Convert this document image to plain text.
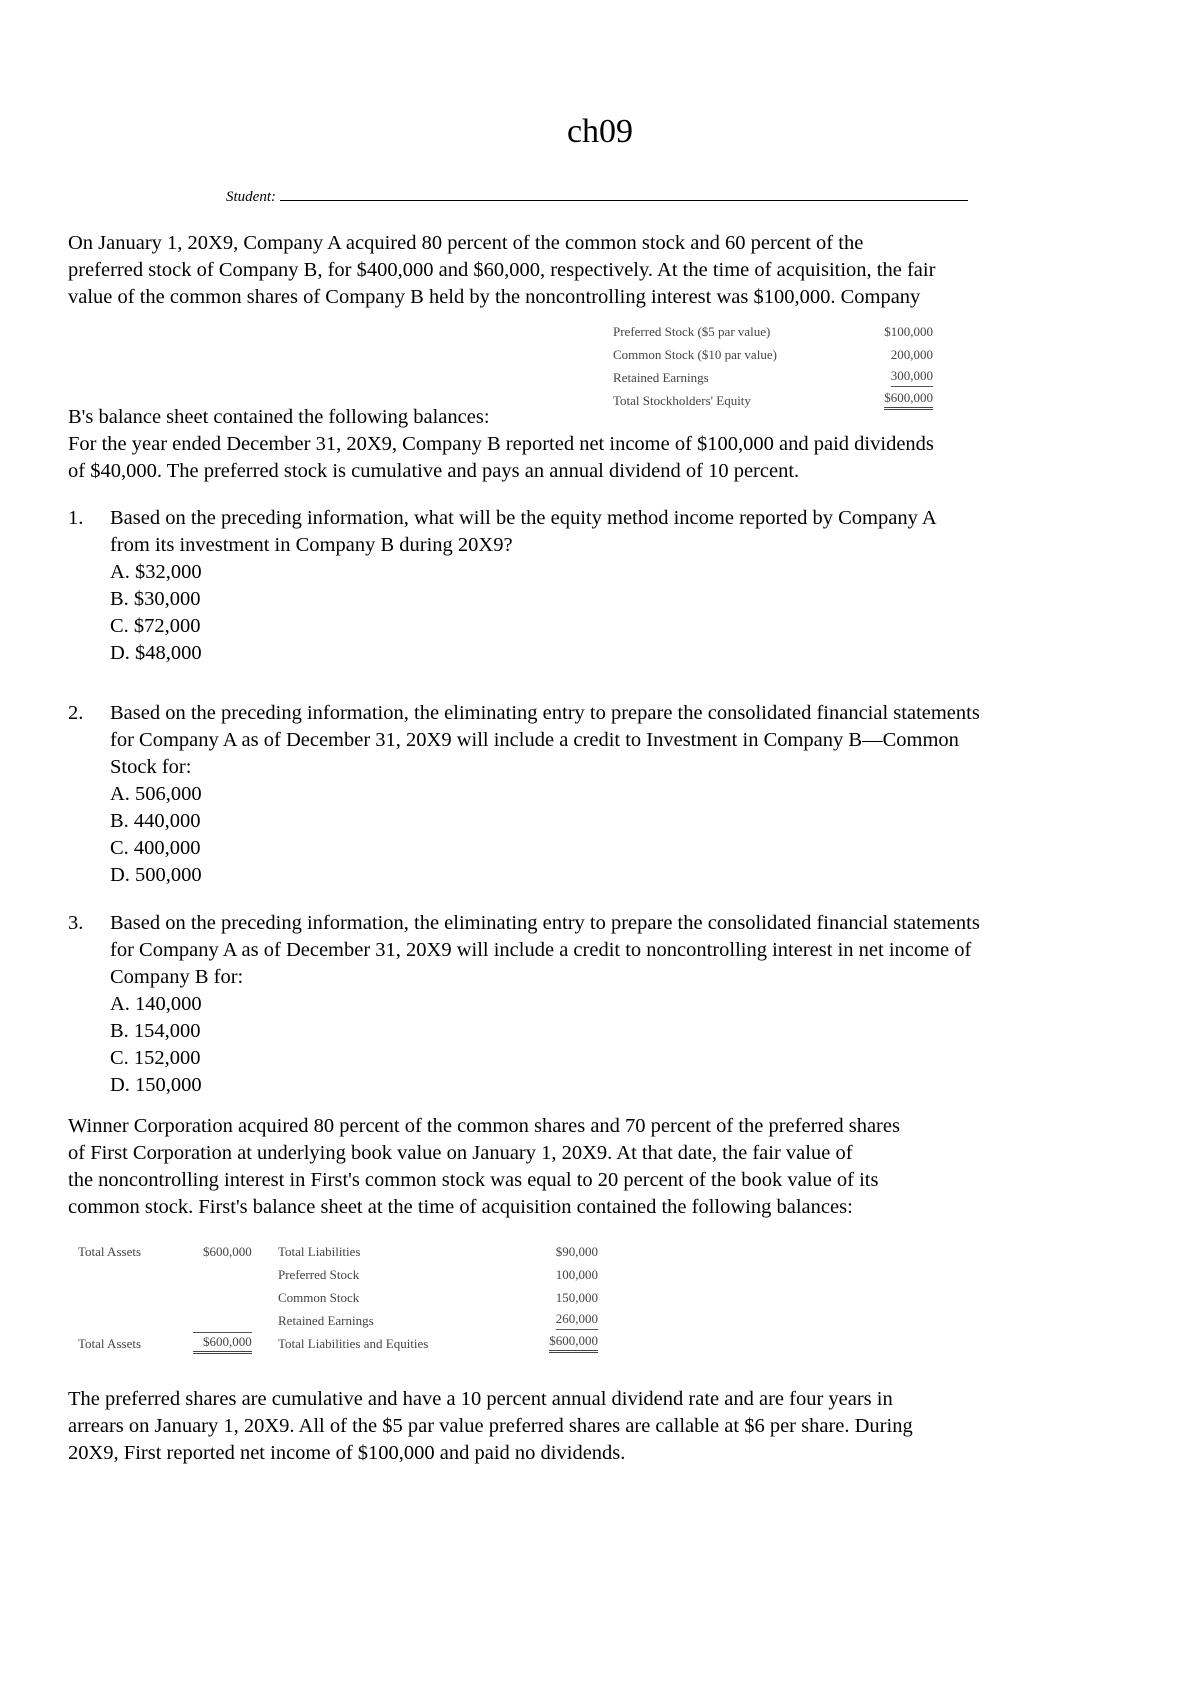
ch09
Student:
On January 1, 20X9, Company A acquired 80 percent of the common stock and 60 percent of the
preferred stock of Company B, for $400,000 and $60,000, respectively. At the time of acquisition, the fair
value of the common shares of Company B held by the noncontrolling interest was $100,000. Company
Preferred Stock ($5 par value)	$100,000
Common Stock ($10 par value)	200,000
Retained Earnings	300,000
Total Stockholders' Equity	$600,000
B's balance sheet contained the following balances:
For the year ended December 31, 20X9, Company B reported net income of $100,000 and paid dividends
of $40,000. The preferred stock is cumulative and pays an annual dividend of 10 percent.
1. Based on the preceding information, what will be the equity method income reported by Company A
from its investment in Company B during 20X9?
A. $32,000
B. $30,000
C. $72,000
D. $48,000
2. Based on the preceding information, the eliminating entry to prepare the consolidated financial statements
for Company A as of December 31, 20X9 will include a credit to Investment in Company B—Common
Stock for:
A. 506,000
B. 440,000
C. 400,000
D. 500,000
3. Based on the preceding information, the eliminating entry to prepare the consolidated financial statements
for Company A as of December 31, 20X9 will include a credit to noncontrolling interest in net income of
Company B for:
A. 140,000
B. 154,000
C. 152,000
D. 150,000
Winner Corporation acquired 80 percent of the common shares and 70 percent of the preferred shares
of First Corporation at underlying book value on January 1, 20X9. At that date, the fair value of
the noncontrolling interest in First's common stock was equal to 20 percent of the book value of its
common stock. First's balance sheet at the time of acquisition contained the following balances:
Total Assets	$600,000 Total Liabilities	$90,000
Preferred Stock	100,000
Common Stock	150,000
Retained Earnings	260,000
Total Assets	$600,000 Total Liabilities and Equities	$600,000
The preferred shares are cumulative and have a 10 percent annual dividend rate and are four years in
arrears on January 1, 20X9. All of the $5 par value preferred shares are callable at $6 per share. During
20X9, First reported net income of $100,000 and paid no dividends.
